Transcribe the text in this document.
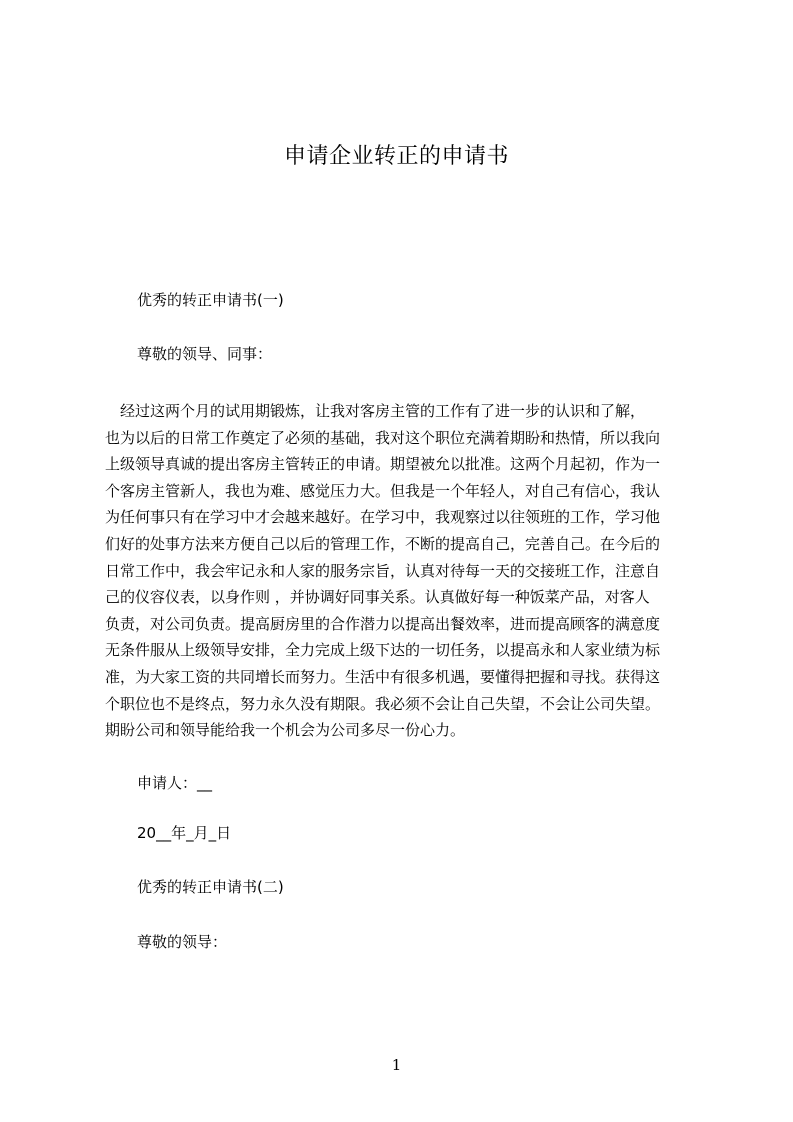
申请企业转正的申请书
优秀的转正申请书(一)
尊敬的领导、同事：
　经过这两个月的试用期锻炼，让我对客房主管的工作有了进一步的认识和了解，
也为以后的日常工作奠定了必须的基础，我对这个职位充满着期盼和热情，所以我向
上级领导真诚的提出客房主管转正的申请。期望被允以批准。这两个月起初，作为一
个客房主管新人，我也为难、感觉压力大。但我是一个年轻人，对自己有信心，我认
为任何事只有在学习中才会越来越好。在学习中，我观察过以往领班的工作，学习他
们好的处事方法来方便自己以后的管理工作，不断的提高自己，完善自己。在今后的
日常工作中，我会牢记永和人家的服务宗旨，认真对待每一天的交接班工作，注意自
己的仪容仪表，以身作则 ，并协调好同事关系。认真做好每一种饭菜产品，对客人
负责，对公司负责。提高厨房里的合作潜力以提高出餐效率，进而提高顾客的满意度
无条件服从上级领导安排，全力完成上级下达的一切任务，以提高永和人家业绩为标
准，为大家工资的共同增长而努力。生活中有很多机遇，要懂得把握和寻找。获得这
个职位也不是终点，努力永久没有期限。我必须不会让自己失望，不会让公司失望。
期盼公司和领导能给我一个机会为公司多尽一份心力。
申请人：__
20__年_月_日
优秀的转正申请书(二)
尊敬的领导：
1
